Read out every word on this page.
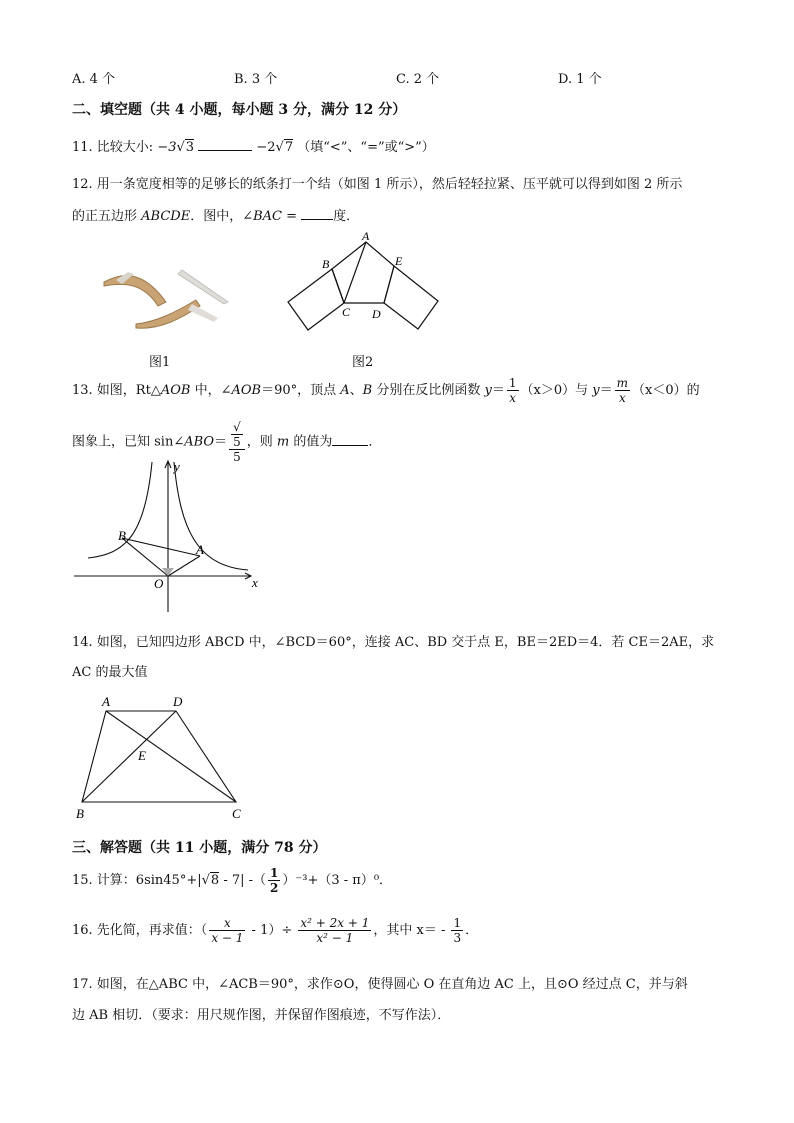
A. 4 个	B. 3 个	C. 2 个	D. 1 个
二、填空题（共 4 小题，每小题 3 分，满分 12 分）
11. 比较大小: −3√3	−2√7 （填“<”、“=”或“>”）
12. 用一条宽度相等的足够长的纸条打一个结（如图 1 所示），然后轻轻拉紧、压平就可以得到如图 2 所示
的正五边形 ABCDE．图中，∠BAC = 度．
图1
A
B
C D
E
图2
13. 如图，Rt△AOB 中，∠AOB＝90°，顶点 A、B 分别在反比例函数 $y= \frac{1}{x} (x>0)$与 $y= \frac{m}{x} (x<0)$的
图象上，已知 sin∠ABO＝ √
5
5 ，则 m 的值为	．
y
x
O
B
A
14. 如图，已知四边形 ABCD 中，∠BCD＝60°，连接 AC、BD 交于点 E，BE＝2ED＝4．若 CE＝2AE，求
AC 的最大值
A	D
E
B	C
三、解答题（共 11 小题，满分 78 分）
15. 计算：6sin45°+|√8 - 7| -（ $\frac{1}{2} )^{-3}+(3 - \pi)^0$．
16. 先化简，再求值：（ $\frac{x}{x - 1} - 1)\div \frac{\text{x² + 2x + 1}}{\text{x² − 1}}$ ，其中 $x= - \frac{1}{3}$ ．
17. 如图，在△ABC 中，∠ACB＝90°，求作⊙O，使得圆心 O 在直角边 AC 上，且⊙O 经过点 C，并与斜
边 AB 相切．（要求：用尺规作图，并保留作图痕迹，不写作法）．
